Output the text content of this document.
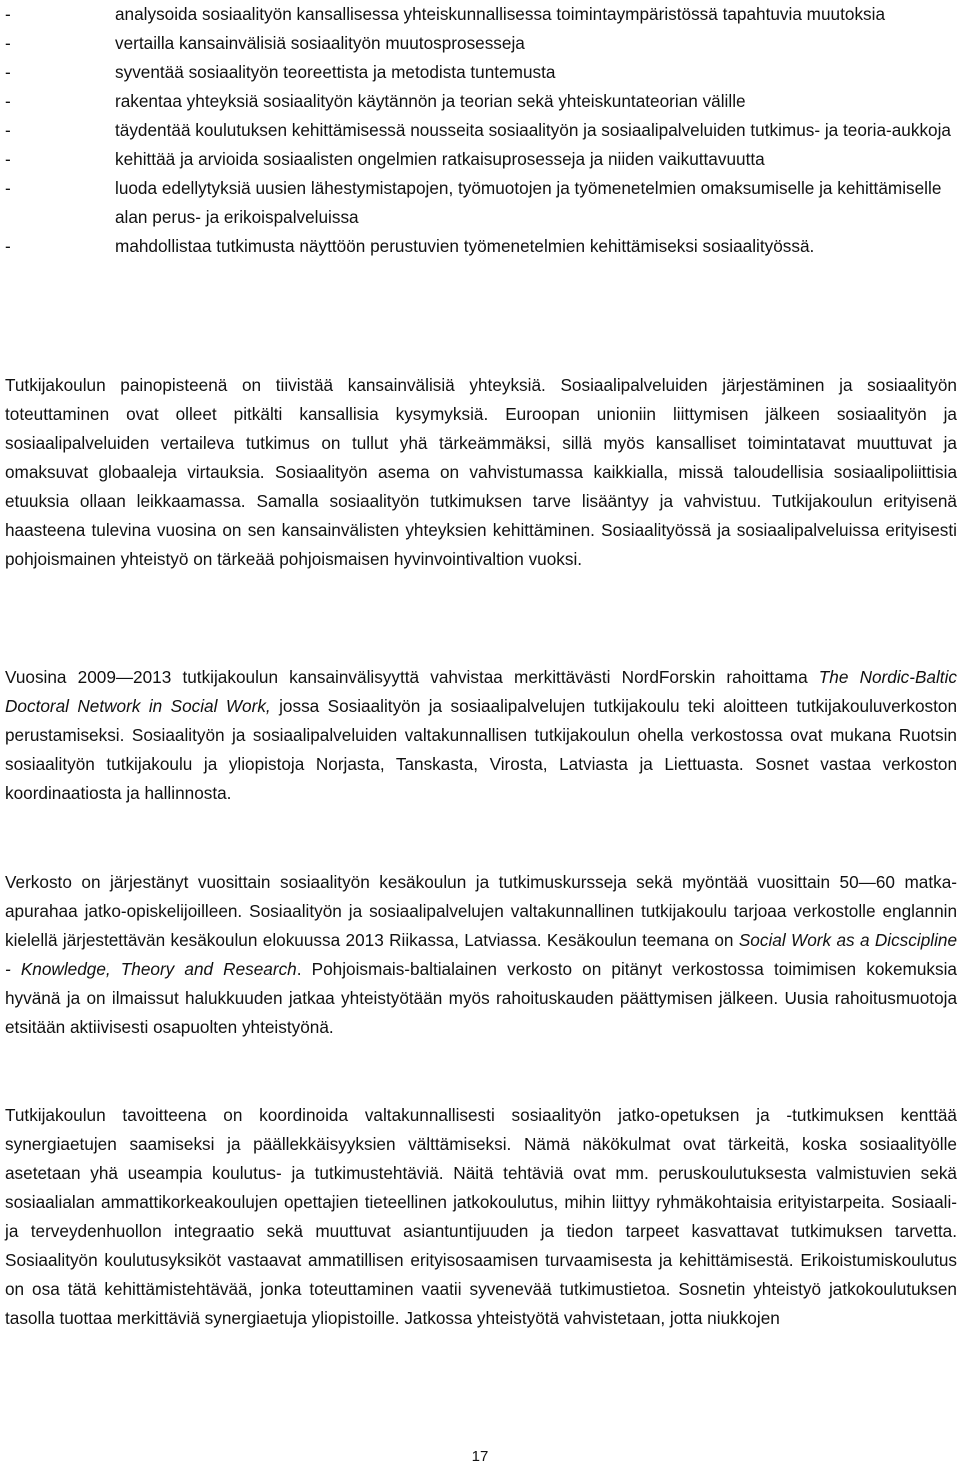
-	analysoida sosiaalityön kansallisessa yhteiskunnallisessa toimintaympäristössä tapahtuvia muutoksia
-	vertailla kansainvälisiä sosiaalityön muutosprosesseja
-	syventää sosiaalityön teoreettista ja metodista tuntemusta
-	rakentaa yhteyksiä sosiaalityön käytännön ja teorian sekä yhteiskuntateorian välille
-	täydentää koulutuksen kehittämisessä nousseita sosiaalityön ja sosiaalipalveluiden tutkimus- ja teoria-aukkoja
-	kehittää ja arvioida sosiaalisten ongelmien ratkaisuprosesseja ja niiden vaikuttavuutta
-	luoda edellytyksiä uusien lähestymistapojen, työmuotojen ja työmenetelmien omaksumiselle ja kehittämiselle alan perus- ja erikoispalveluissa
-	mahdollistaa tutkimusta näyttöön perustuvien työmenetelmien kehittämiseksi sosiaalityössä.

Tutkijakoulun painopisteenä on tiivistää kansainvälisiä yhteyksiä. Sosiaalipalveluiden järjestäminen ja sosiaalityön toteuttaminen ovat olleet pitkälti kansallisia kysymyksiä. Euroopan unioniin liittymisen jälkeen sosiaalityön ja sosiaalipalveluiden vertaileva tutkimus on tullut yhä tärkeämmäksi, sillä myös kansalliset toimintatavat muuttuvat ja omaksuvat globaaleja virtauksia. Sosiaalityön asema on vahvistumassa kaikkialla, missä taloudellisia sosiaalipoliittisia etuuksia ollaan leikkaamassa. Samalla sosiaalityön tutkimuksen tarve lisääntyy ja vahvistuu. Tutkijakoulun erityisenä haasteena tulevina vuosina on sen kansainvälisten yhteyksien kehittäminen. Sosiaalityössä ja sosiaalipalveluissa erityisesti pohjoismainen yhteistyö on tärkeää pohjoismaisen hyvinvointivaltion vuoksi.

Vuosina 2009—2013 tutkijakoulun kansainvälisyyttä vahvistaa merkittävästi NordForskin rahoittama The Nordic-Baltic Doctoral Network in Social Work, jossa Sosiaalityön ja sosiaalipalvelujen tutkijakoulu teki aloitteen tutkijakouluverkoston perustamiseksi. Sosiaalityön ja sosiaalipalveluiden valtakunnallisen tutkijakoulun ohella verkostossa ovat mukana Ruotsin sosiaalityön tutkijakoulu ja yliopistoja Norjasta, Tanskasta, Virosta, Latviasta ja Liettuasta. Sosnet vastaa verkoston koordinaatiosta ja hallinnosta.

Verkosto on järjestänyt vuosittain sosiaalityön kesäkoulun ja tutkimuskursseja sekä myöntää vuosittain 50—60 matka-apurahaa jatko-opiskelijoilleen. Sosiaalityön ja sosiaalipalvelujen valtakunnallinen tutkijakoulu tarjoaa verkostolle englannin kielellä järjestettävän kesäkoulun elokuussa 2013 Riikassa, Latviassa. Kesäkoulun teemana on Social Work as a Dicscipline - Knowledge, Theory and Research. Pohjoismais-baltialainen verkosto on pitänyt verkostossa toimimisen kokemuksia hyvänä ja on ilmaissut halukkuuden jatkaa yhteistyötään myös rahoituskauden päättymisen jälkeen. Uusia rahoitusmuotoja etsitään aktiivisesti osapuolten yhteistyönä.

Tutkijakoulun tavoitteena on koordinoida valtakunnallisesti sosiaalityön jatko-opetuksen ja -tutkimuksen kenttää synergiaetujen saamiseksi ja päällekkäisyyksien välttämiseksi. Nämä näkökulmat ovat tärkeitä, koska sosiaalityölle asetetaan yhä useampia koulutus- ja tutkimustehtäviä. Näitä tehtäviä ovat mm. peruskoulutuksesta valmistuvien sekä sosiaalialan ammattikorkeakoulujen opettajien tieteellinen jatkokoulutus, mihin liittyy ryhmäkohtaisia erityistarpeita. Sosiaali- ja terveydenhuollon integraatio sekä muuttuvat asiantuntijuuden ja tiedon tarpeet kasvattavat tutkimuksen tarvetta. Sosiaalityön koulutusyksiköt vastaavat ammatillisen erityisosaamisen turvaamisesta ja kehittämisestä. Erikoistumiskoulutus on osa tätä kehittämistehtävää, jonka toteuttaminen vaatii syvenevää tutkimustietoa. Sosnetin yhteistyö jatkokoulutuksen tasolla tuottaa merkittäviä synergiaetuja yliopistoille. Jatkossa yhteistyötä vahvistetaan, jotta niukkojen

17
